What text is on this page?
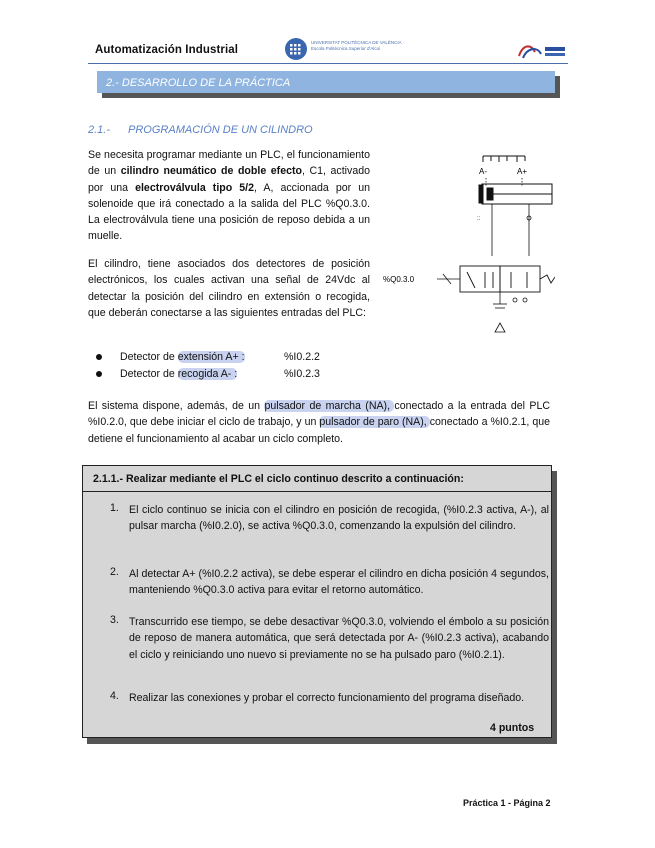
Automatización Industrial
UNIVERSITAT POLITÈCNICA DE VALÈNCIA · Escola Politècnica Superior d'Alcoi
2.- DESARROLLO DE LA PRÁCTICA
2.1.- PROGRAMACIÓN DE UN CILINDRO
Se necesita programar mediante un PLC, el funcionamiento de un cilindro neumático de doble efecto, C1, activado por una electroválvula tipo 5/2, A, accionada por un solenoide que irá conectado a la salida del PLC %Q0.3.0. La electroválvula tiene una posición de reposo debida a un muelle.
El cilindro, tiene asociados dos detectores de posición electrónicos, los cuales activan una señal de 24Vdc al detectar la posición del cilindro en extensión o recogida, que deberán conectarse a las siguientes entradas del PLC:
Detector de extensión A+ :	%I0.2.2
Detector de recogida A- :	%I0.2.3
El sistema dispone, además, de un pulsador de marcha (NA), conectado a la entrada del PLC %I0.2.0, que debe iniciar el ciclo de trabajo, y un pulsador de paro (NA), conectado a %I0.2.1, que detiene el funcionamiento al acabar un ciclo completo.
A-	A+
::
%Q0.3.0
2.1.1.- Realizar mediante el PLC el ciclo continuo descrito a continuación:
1. El ciclo continuo se inicia con el cilindro en posición de recogida, (%I0.2.3 activa, A-), al pulsar marcha (%I0.2.0), se activa %Q0.3.0, comenzando la expulsión del cilindro.
2. Al detectar A+ (%I0.2.2 activa), se debe esperar el cilindro en dicha posición 4 segundos, manteniendo %Q0.3.0 activa para evitar el retorno automático.
3. Transcurrido ese tiempo, se debe desactivar %Q0.3.0, volviendo el émbolo a su posición de reposo de manera automática, que será detectada por A- (%I0.2.3 activa), acabando el ciclo y reiniciando uno nuevo si previamente no se ha pulsado paro (%I0.2.1).
4. Realizar las conexiones y probar el correcto funcionamiento del programa diseñado.
4 puntos
Práctica 1 - Página 2
